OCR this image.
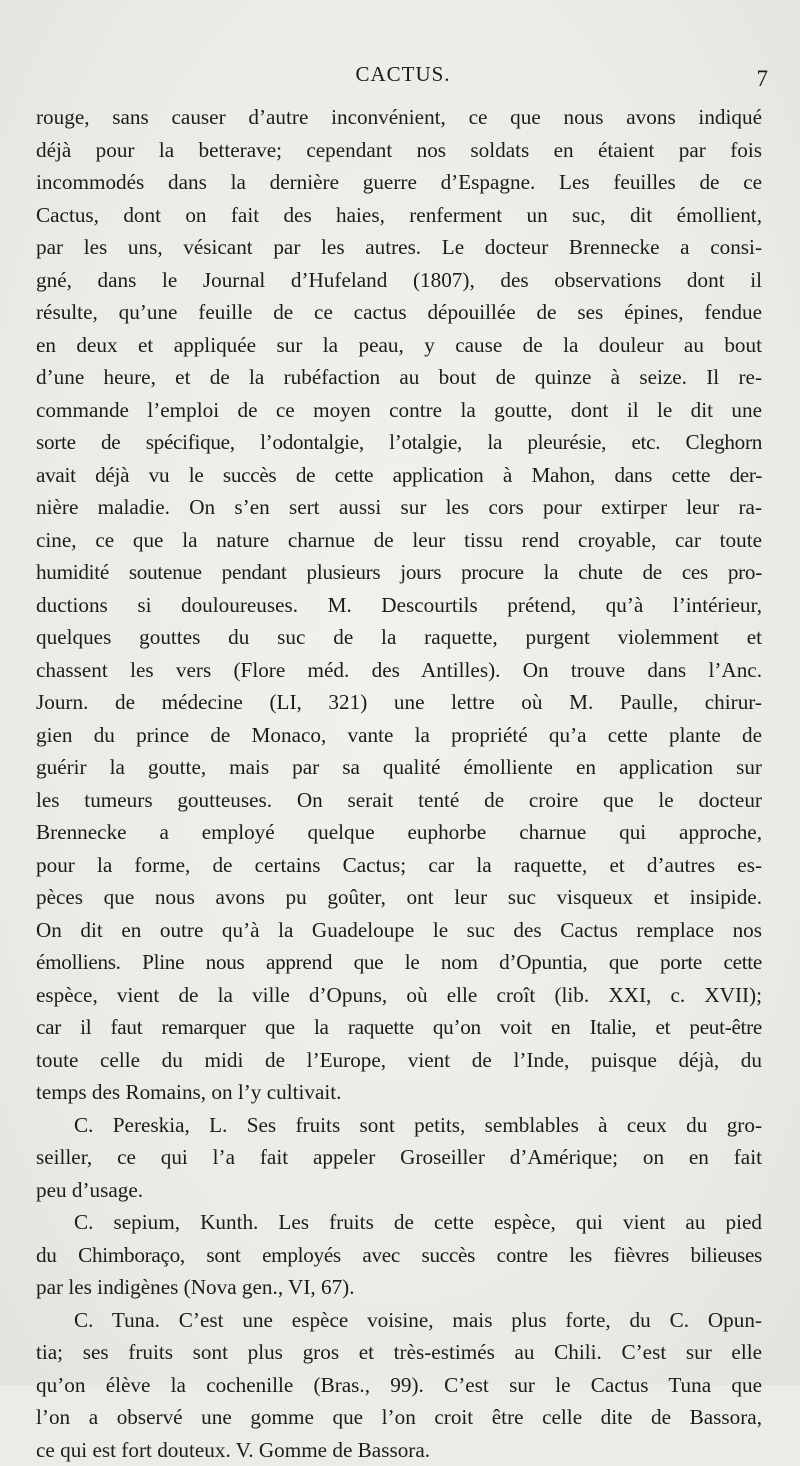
CACTUS.	7
rouge, sans causer d’autre inconvénient, ce que nous avons indiqué
déjà pour la betterave; cependant nos soldats en étaient par fois
incommodés dans la dernière guerre d’Espagne. Les feuilles de ce
Cactus, dont on fait des haies, renferment un suc, dit émollient,
par les uns, vésicant par les autres. Le docteur Brennecke a consi-
gné, dans le Journal d’Hufeland (1807), des observations dont il
résulte, qu’une feuille de ce cactus dépouillée de ses épines, fendue
en deux et appliquée sur la peau, y cause de la douleur au bout
d’une heure, et de la rubéfaction au bout de quinze à seize. Il re-
commande l’emploi de ce moyen contre la goutte, dont il le dit une
sorte de spécifique, l’odontalgie, l’otalgie, la pleurésie, etc. Cleghorn
avait déjà vu le succès de cette application à Mahon, dans cette der-
nière maladie. On s’en sert aussi sur les cors pour extirper leur ra-
cine, ce que la nature charnue de leur tissu rend croyable, car toute
humidité soutenue pendant plusieurs jours procure la chute de ces pro-
ductions si douloureuses. M. Descourtils prétend, qu’à l’intérieur,
quelques gouttes du suc de la raquette, purgent violemment et
chassent les vers (Flore méd. des Antilles). On trouve dans l’Anc.
Journ. de médecine (LI, 321) une lettre où M. Paulle, chirur-
gien du prince de Monaco, vante la propriété qu’a cette plante de
guérir la goutte, mais par sa qualité émolliente en application sur
les tumeurs goutteuses. On serait tenté de croire que le docteur
Brennecke a employé quelque euphorbe charnue qui approche,
pour la forme, de certains Cactus; car la raquette, et d’autres es-
pèces que nous avons pu goûter, ont leur suc visqueux et insipide.
On dit en outre qu’à la Guadeloupe le suc des Cactus remplace nos
émolliens. Pline nous apprend que le nom d’Opuntia, que porte cette
espèce, vient de la ville d’Opuns, où elle croît (lib. XXI, c. XVII);
car il faut remarquer que la raquette qu’on voit en Italie, et peut-être
toute celle du midi de l’Europe, vient de l’Inde, puisque déjà, du
temps des Romains, on l’y cultivait.
C. Pereskia, L. Ses fruits sont petits, semblables à ceux du gro-
seiller, ce qui l’a fait appeler Groseiller d’Amérique; on en fait
peu d’usage.
C. sepium, Kunth. Les fruits de cette espèce, qui vient au pied
du Chimboraço, sont employés avec succès contre les fièvres bilieuses
par les indigènes (Nova gen., VI, 67).
C. Tuna. C’est une espèce voisine, mais plus forte, du C. Opun-
tia; ses fruits sont plus gros et très-estimés au Chili. C’est sur elle
qu’on élève la cochenille (Bras., 99). C’est sur le Cactus Tuna que
l’on a observé une gomme que l’on croit être celle dite de Bassora,
ce qui est fort douteux. V. Gomme de Bassora.
